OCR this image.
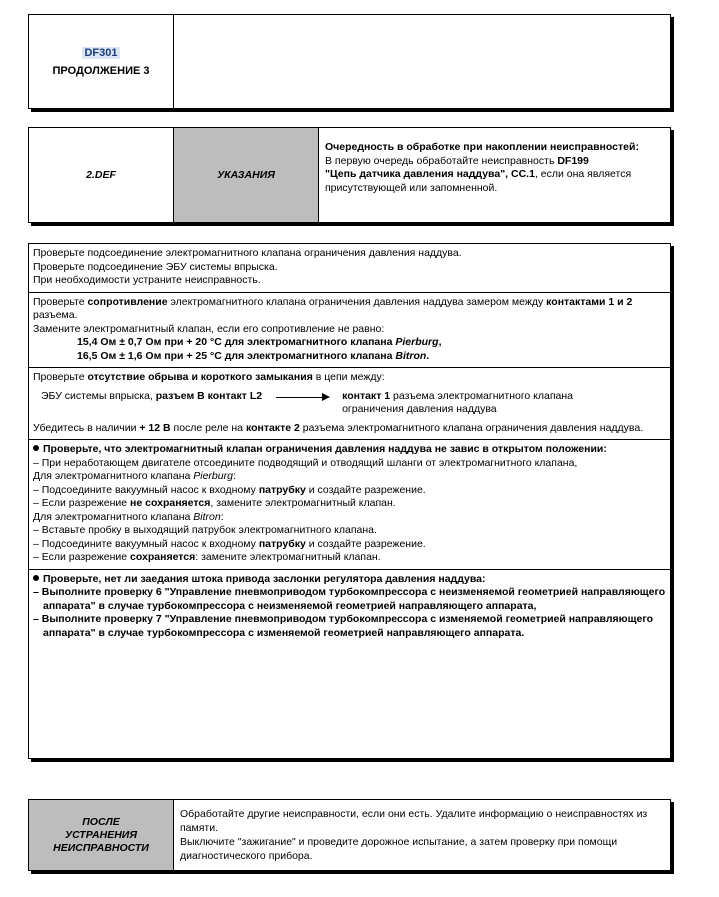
DF301
ПРОДОЛЖЕНИЕ 3
2.DEF	УКАЗАНИЯ
Очередность в обработке при накоплении неисправностей:
В первую очередь обработайте неисправность DF199
"Цепь датчика давления наддува", CC.1, если она является присутствующей или запомненной.
Проверьте подсоединение электромагнитного клапана ограничения давления наддува.
Проверьте подсоединение ЭБУ системы впрыска.
При необходимости устраните неисправность.
Проверьте сопротивление электромагнитного клапана ограничения давления наддува замером между контактами 1 и 2 разъема.
Замените электромагнитный клапан, если его сопротивление не равно:
15,4 Ом ± 0,7 Ом при + 20 °C для электромагнитного клапана Pierburg,
16,5 Ом ± 1,6 Ом при + 25 °C для электромагнитного клапана Bitron.
Проверьте отсутствие обрыва и короткого замыкания в цепи между:
ЭБУ системы впрыска, разъем В контакт L2	контакт 1 разъема электромагнитного клапана ограничения давления наддува
Убедитесь в наличии + 12 В после реле на контакте 2 разъема электромагнитного клапана ограничения давления наддува.
Проверьте, что электромагнитный клапан ограничения давления наддува не завис в открытом положении:
– При неработающем двигателе отсоедините подводящий и отводящий шланги от электромагнитного клапана,
Для электромагнитного клапана Pierburg:
– Подсоедините вакуумный насос к входному патрубку и создайте разрежение.
– Если разрежение не сохраняется, замените электромагнитный клапан.
Для электромагнитного клапана Bitron:
– Вставьте пробку в выходящий патрубок электромагнитного клапана.
– Подсоедините вакуумный насос к входному патрубку и создайте разрежение.
– Если разрежение сохраняется: замените электромагнитный клапан.
Проверьте, нет ли заедания штока привода заслонки регулятора давления наддува:
– Выполните проверку 6 "Управление пневмоприводом турбокомпрессора с неизменяемой геометрией направляющего аппарата" в случае турбокомпрессора с неизменяемой геометрией направляющего аппарата,
– Выполните проверку 7 "Управление пневмоприводом турбокомпрессора с изменяемой геометрией направляющего аппарата" в случае турбокомпрессора с изменяемой геометрией направляющего аппарата.
ПОСЛЕ
УСТРАНЕНИЯ
НЕИСПРАВНОСТИ
Обработайте другие неисправности, если они есть. Удалите информацию о неисправностях из памяти.
Выключите "зажигание" и проведите дорожное испытание, а затем проверку при помощи диагностического прибора.
